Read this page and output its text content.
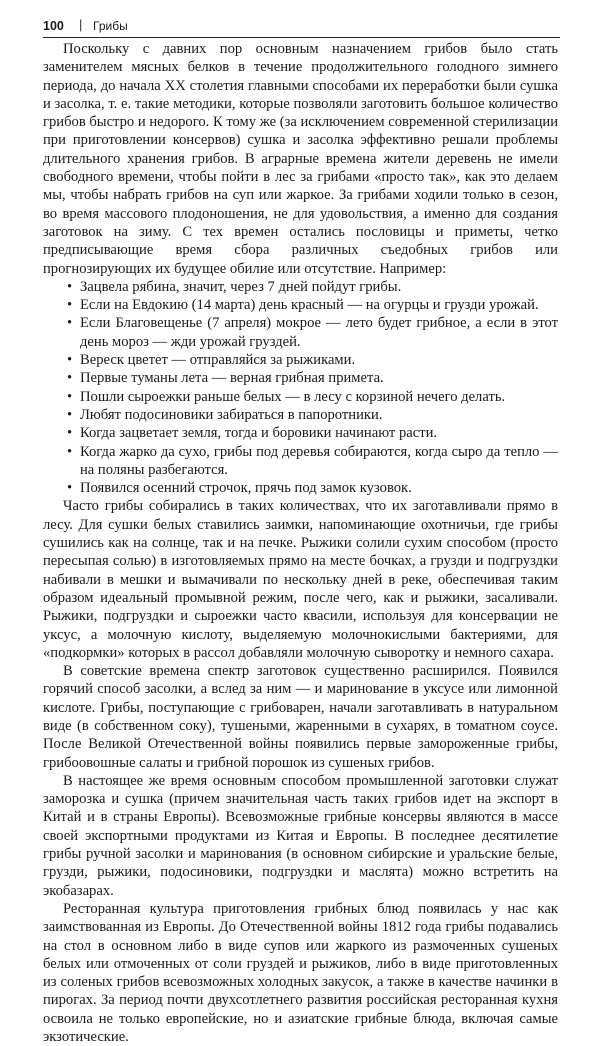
100 | Грибы

Поскольку с давних пор основным назначением грибов было стать заменителем мясных белков в течение продолжительного голодного зимнего периода, до начала XX столетия главными способами их переработки были сушка и засолка, т. е. такие методики, которые позволяли заготовить большое количество грибов быстро и недорого. К тому же (за исключением современной стерилизации при приготовлении консервов) сушка и засолка эффективно решали проблемы длительного хранения грибов. В аграрные времена жители деревень не имели свободного времени, чтобы пойти в лес за грибами «просто так», как это делаем мы, чтобы набрать грибов на суп или жаркое. За грибами ходили только в сезон, во время массового плодоношения, не для удовольствия, а именно для создания заготовок на зиму. С тех времен остались пословицы и приметы, четко предписывающие время сбора различных съедобных грибов или прогнозирующих их будущее обилие или отсутствие. Например:

• Зацвела рябина, значит, через 7 дней пойдут грибы.
• Если на Евдокию (14 марта) день красный — на огурцы и грузди урожай.
• Если Благовещенье (7 апреля) мокрое — лето будет грибное, а если в этот день мороз — жди урожай груздей.
• Вереск цветет — отправляйся за рыжиками.
• Первые туманы лета — верная грибная примета.
• Пошли сыроежки раньше белых — в лесу с корзиной нечего делать.
• Любят подосиновики забираться в папоротники.
• Когда зацветает земля, тогда и боровики начинают расти.
• Когда жарко да сухо, грибы под деревья собираются, когда сыро да тепло — на поляны разбегаются.
• Появился осенний строчок, прячь под замок кузовок.

Часто грибы собирались в таких количествах, что их заготавливали прямо в лесу. Для сушки белых ставились заимки, напоминающие охотничьи, где грибы сушились как на солнце, так и на печке. Рыжики солили сухим способом (просто пересыпая солью) в изготовляемых прямо на месте бочках, а грузди и подгруздки набивали в мешки и вымачивали по нескольку дней в реке, обеспечивая таким образом идеальный промывной режим, после чего, как и рыжики, засаливали. Рыжики, подгруздки и сыроежки часто квасили, используя для консервации не уксус, а молочную кислоту, выделяемую молочнокислыми бактериями, для «подкормки» которых в рассол добавляли молочную сыворотку и немного сахара.

В советские времена спектр заготовок существенно расширился. Появился горячий способ засолки, а вслед за ним — и маринование в уксусе или лимонной кислоте. Грибы, поступающие с грибоварен, начали заготавливать в натуральном виде (в собственном соку), тушеными, жаренными в сухарях, в томатном соусе. После Великой Отечественной войны появились первые замороженные грибы, грибоовошные салаты и грибной порошок из сушеных грибов.

В настоящее же время основным способом промышленной заготовки служат заморозка и сушка (причем значительная часть таких грибов идет на экспорт в Китай и в страны Европы). Всевозможные грибные консервы являются в массе своей экспортными продуктами из Китая и Европы. В последнее десятилетие грибы ручной засолки и маринования (в основном сибирские и уральские белые, грузди, рыжики, подосиновики, подгруздки и маслята) можно встретить на экобазарах.

Ресторанная культура приготовления грибных блюд появилась у нас как заимствованная из Европы. До Отечественной войны 1812 года грибы подавались на стол в основном либо в виде супов или жаркого из размоченных сушеных белых или отмоченных от соли груздей и рыжиков, либо в виде приготовленных из соленых грибов всевозможных холодных закусок, а также в качестве начинки в пирогах. За период почти двухсотлетнего развития российская ресторанная кухня освоила не только европейские, но и азиатские грибные блюда, включая самые экзотические.
